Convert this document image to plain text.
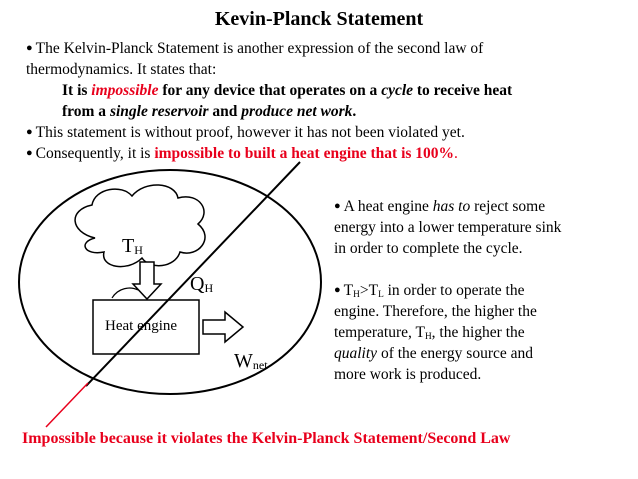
Kevin-Planck Statement
● The Kelvin-Planck Statement is another expression of the second law of
thermodynamics. It states that:
It is impossible for any device that operates on a cycle to receive heat
from a single reservoir and produce net work.
● This statement is without proof, however it has not been violated yet.
● Consequently, it is impossible to built a heat engine that is 100%.
$T_H$
$Q_H$
Heat engine
$W_{net}$
● A heat engine has to reject some
energy into a lower temperature sink
in order to complete the cycle.
● $T_H>T_L$ in order to operate the
engine. Therefore, the higher the
temperature, $T_H$, the higher the
quality of the energy source and
more work is produced.
Impossible because it violates the Kelvin-Planck Statement/Second Law
